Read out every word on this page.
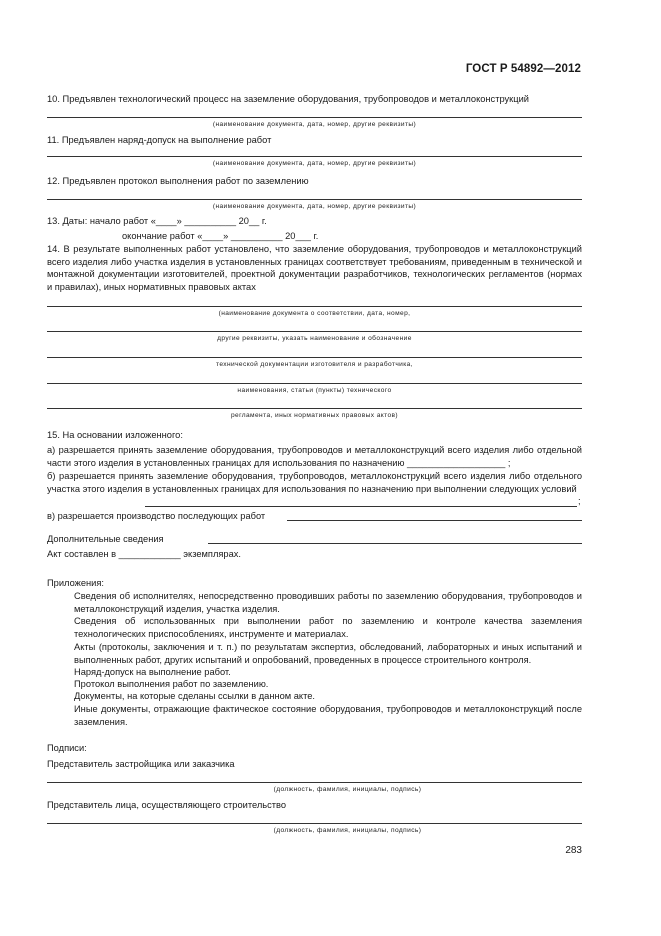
ГОСТ Р 54892—2012
10. Предъявлен технологический процесс на заземление оборудования, трубопроводов и металлоконструкций
(наименование документа, дата, номер, другие реквизиты)
11. Предъявлен наряд-допуск на выполнение работ
(наименование документа, дата, номер, другие реквизиты)
12. Предъявлен протокол выполнения работ по заземлению
(наименование документа, дата, номер, другие реквизиты)
13. Даты: начало работ «____» __________ 20__ г.
окончание работ «____» __________ 20___ г.
14. В результате выполненных работ установлено, что заземление оборудования, трубопроводов и металлоконструкций всего изделия либо участка изделия в установленных границах соответствует требованиям, приведенным в технической и монтажной документации изготовителей, проектной документации разработчиков, технологических регламентов (нормах и правилах), иных нормативных правовых актах
(наименование документа о соответствии, дата, номер,
другие реквизиты, указать наименование и обозначение
технической документации изготовителя и разработчика,
наименования, статьи (пункты) технического
регламента, иных нормативных правовых актов)
15. На основании изложенного:
а) разрешается принять заземление оборудования, трубопроводов и металлоконструкций всего изделия либо отдельной части этого изделия в установленных границах для использования по назначению ___________________ ;
б) разрешается принять заземление оборудования, трубопроводов, металлоконструкций всего изделия либо отдельного участка этого изделия в установленных границах для использования по назначению при выполнении следующих условий
;
в) разрешается производство последующих работ
Дополнительные сведения
Акт составлен в ____________ экземплярах.
Приложения:
Сведения об исполнителях, непосредственно проводивших работы по заземлению оборудования, трубопроводов и металлоконструкций изделия, участка изделия.
Сведения об использованных при выполнении работ по заземлению и контроле качества заземления технологических приспособлениях, инструменте и материалах.
Акты (протоколы, заключения и т. п.) по результатам экспертиз, обследований, лабораторных и иных испытаний и выполненных работ, других испытаний и опробований, проведенных в процессе строительного контроля.
Наряд-допуск на выполнение работ.
Протокол выполнения работ по заземлению.
Документы, на которые сделаны ссылки в данном акте.
Иные документы, отражающие фактическое состояние оборудования, трубопроводов и металлоконструкций после заземления.
Подписи:
Представитель застройщика или заказчика
(должность, фамилия, инициалы, подпись)
Представитель лица, осуществляющего строительство
(должность, фамилия, инициалы, подпись)
283
